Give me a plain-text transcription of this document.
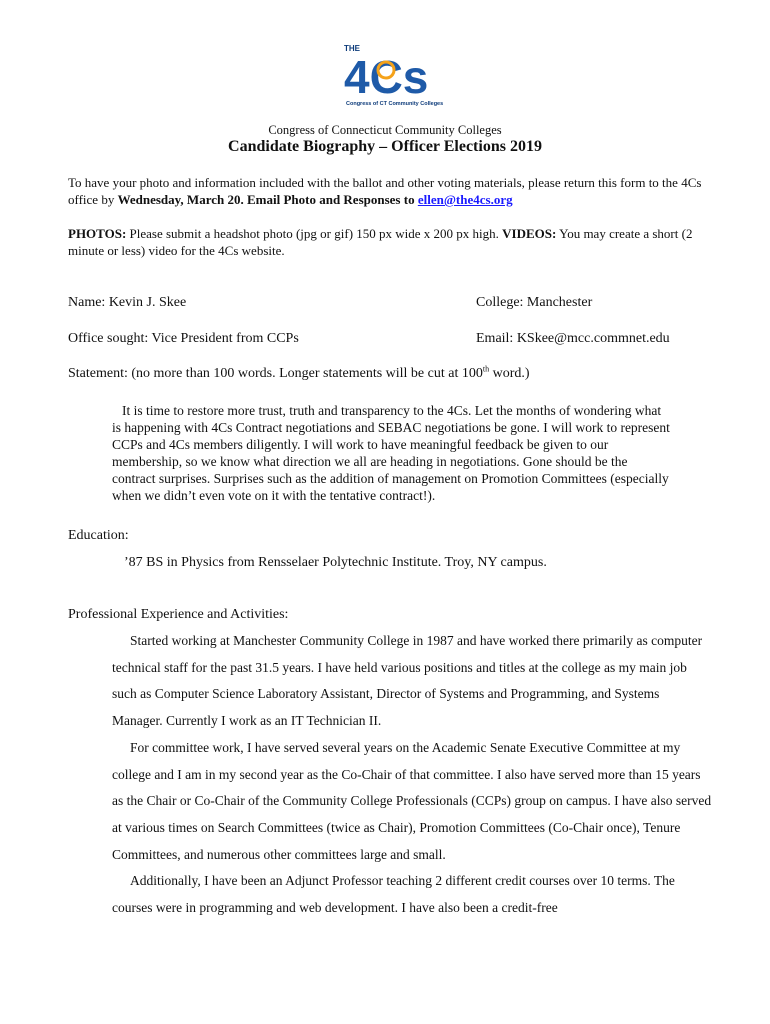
THE
4Cs
Congress of CT Community Colleges
Congress of Connecticut Community Colleges
Candidate Biography – Officer Elections 2019
To have your photo and information included with the ballot and other voting materials, please return this form to the 4Cs office by Wednesday, March 20. Email Photo and Responses to ellen@the4cs.org
PHOTOS: Please submit a headshot photo (jpg or gif) 150 px wide x 200 px high. VIDEOS: You may create a short (2 minute or less) video for the 4Cs website.
Name: Kevin J. Skee	College: Manchester
Office sought: Vice President from CCPs	Email: KSkee@mcc.commnet.edu
Statement: (no more than 100 words. Longer statements will be cut at 100th word.)
It is time to restore more trust, truth and transparency to the 4Cs. Let the months of wondering what is happening with 4Cs Contract negotiations and SEBAC negotiations be gone. I will work to represent CCPs and 4Cs members diligently. I will work to have meaningful feedback be given to our membership, so we know what direction we all are heading in negotiations. Gone should be the contract surprises. Surprises such as the addition of management on Promotion Committees (especially when we didn’t even vote on it with the tentative contract!).
Education:
’87 BS in Physics from Rensselaer Polytechnic Institute. Troy, NY campus.
Professional Experience and Activities:
Started working at Manchester Community College in 1987 and have worked there primarily as computer technical staff for the past 31.5 years. I have held various positions and titles at the college as my main job such as Computer Science Laboratory Assistant, Director of Systems and Programming, and Systems Manager. Currently I work as an IT Technician II.
For committee work, I have served several years on the Academic Senate Executive Committee at my college and I am in my second year as the Co-Chair of that committee. I also have served more than 15 years as the Chair or Co-Chair of the Community College Professionals (CCPs) group on campus. I have also served at various times on Search Committees (twice as Chair), Promotion Committees (Co-Chair once), Tenure Committees, and numerous other committees large and small.
Additionally, I have been an Adjunct Professor teaching 2 different credit courses over 10 terms. The courses were in programming and web development. I have also been a credit-free
